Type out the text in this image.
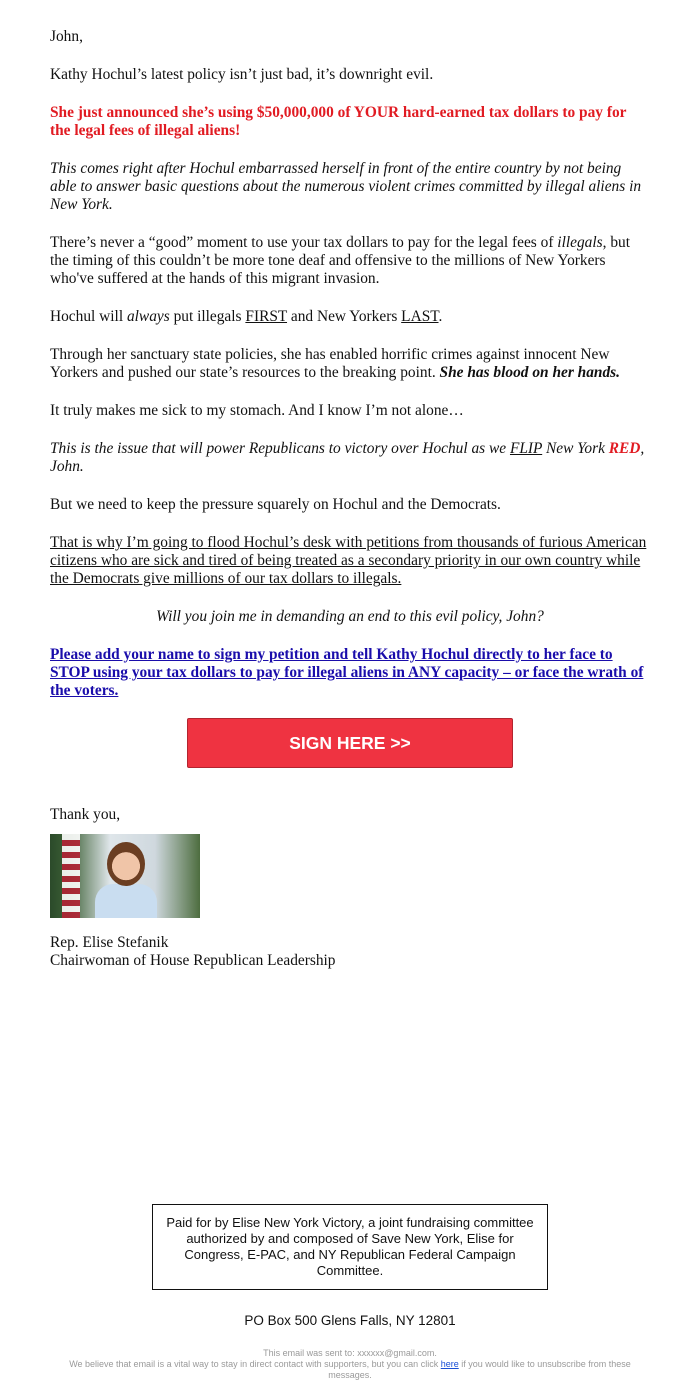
John,

Kathy Hochul’s latest policy isn’t just bad, it’s downright evil.

She just announced she’s using $50,000,000 of YOUR hard-earned tax dollars to pay for the legal fees of illegal aliens!

This comes right after Hochul embarrassed herself in front of the entire country by not being able to answer basic questions about the numerous violent crimes committed by illegal aliens in New York.

There’s never a “good” moment to use your tax dollars to pay for the legal fees of illegals, but the timing of this couldn’t be more tone deaf and offensive to the millions of New Yorkers who've suffered at the hands of this migrant invasion.

Hochul will always put illegals FIRST and New Yorkers LAST.

Through her sanctuary state policies, she has enabled horrific crimes against innocent New Yorkers and pushed our state’s resources to the breaking point. She has blood on her hands.

It truly makes me sick to my stomach. And I know I’m not alone…

This is the issue that will power Republicans to victory over Hochul as we FLIP New York RED, John.

But we need to keep the pressure squarely on Hochul and the Democrats.

That is why I’m going to flood Hochul’s desk with petitions from thousands of furious American citizens who are sick and tired of being treated as a secondary priority in our own country while the Democrats give millions of our tax dollars to illegals.

Will you join me in demanding an end to this evil policy, John?

Please add your name to sign my petition and tell Kathy Hochul directly to her face to STOP using your tax dollars to pay for illegal aliens in ANY capacity – or face the wrath of the voters.

SIGN HERE >>
Thank you,
Rep. Elise Stefanik
Chairwoman of House Republican Leadership
Paid for by Elise New York Victory, a joint fundraising committee authorized by and composed of Save New York, Elise for Congress, E-PAC, and NY Republican Federal Campaign Committee.
PO Box 500 Glens Falls, NY 12801
This email was sent to: xxxxxx@gmail.com.
We believe that email is a vital way to stay in direct contact with supporters, but you can click here if you would like to unsubscribe from these messages.
